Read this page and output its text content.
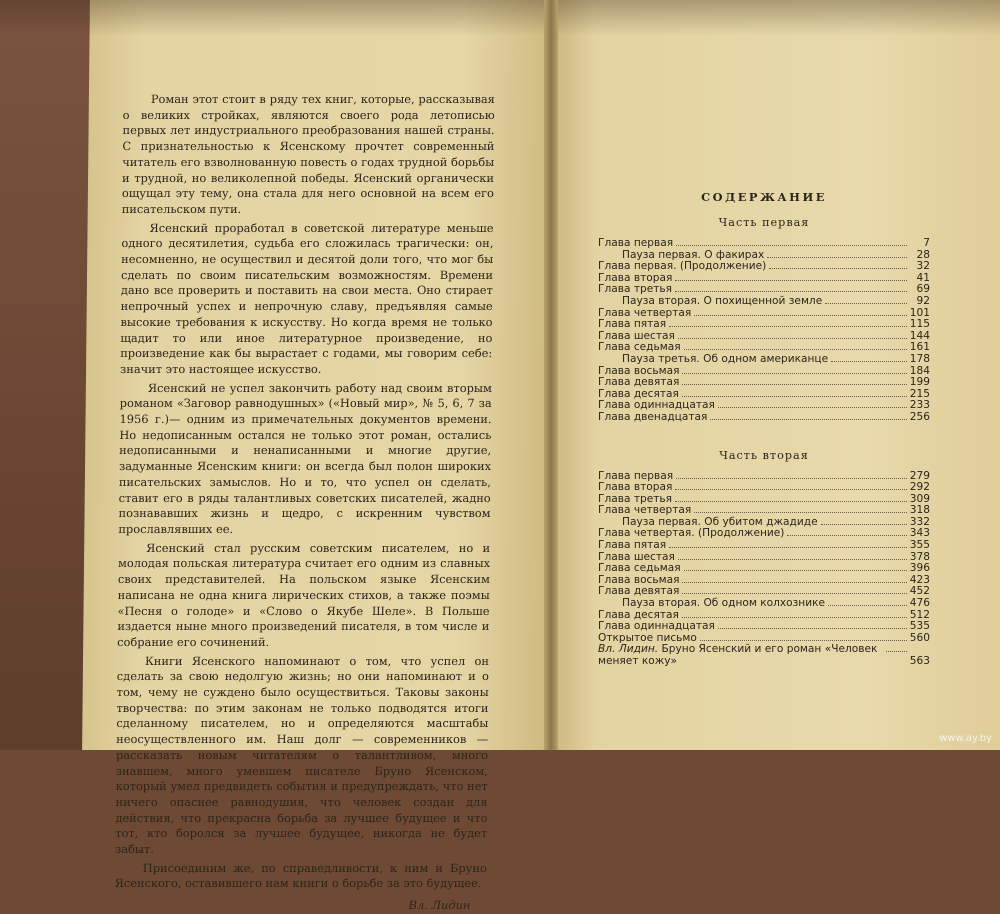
Роман этот стоит в ряду тех книг, которые, рассказывая о великих стройках, являются своего рода летописью первых лет индустриального преобразования нашей страны. С признательностью к Ясенскому прочтет современный читатель его взволнованную повесть о годах трудной борьбы и трудной, но великолепной победы. Ясенский органически ощущал эту тему, она стала для него основной на всем его писательском пути.

Ясенский проработал в советской литературе меньше одного десятилетия, судьба его сложилась трагически: он, несомненно, не осуществил и десятой доли того, что мог бы сделать по своим писательским возможностям. Времени дано все проверить и поставить на свои места. Оно стирает непрочный успех и непрочную славу, предъявляя самые высокие требования к искусству. Но когда время не только щадит то или иное литературное произведение, но произведение как бы вырастает с годами, мы говорим себе: значит это настоящее искусство.

Ясенский не успел закончить работу над своим вторым романом «Заговор равнодушных» («Новый мир», № 5, 6, 7 за 1956 г.)— одним из примечательных документов времени. Но недописанным остался не только этот роман, остались недописанными и ненаписанными и многие другие, задуманные Ясенским книги: он всегда был полон широких писательских замыслов. Но и то, что успел он сделать, ставит его в ряды талантливых советских писателей, жадно познававших жизнь и щедро, с искренним чувством прославлявших ее.

Ясенский стал русским советским писателем, но и молодая польская литература считает его одним из славных своих представителей. На польском языке Ясенским написана не одна книга лирических стихов, а также поэмы «Песня о голоде» и «Слово о Якубе Шеле». В Польше издается ныне много произведений писателя, в том числе и собрание его сочинений.

Книги Ясенского напоминают о том, что успел он сделать за свою недолгую жизнь; но они напоминают и о том, чему не суждено было осуществиться. Таковы законы творчества: по этим законам не только подводятся итоги сделанному писателем, но и определяются масштабы неосуществленного им. Наш долг — современников — рассказать новым читателям о талантливом, много знавшем, много умевшем писателе Бруно Ясенском, который умел предвидеть события и предупреждать, что нет ничего опаснее равнодушия, что человек создан для действия, что прекрасна борьба за лучшее будущее и что тот, кто боролся за лучшее будущее, никогда не будет забыт.

Присоединим же, по справедливости, к ним и Бруно Ясенского, оставившего нам книги о борьбе за это будущее.

Вл. Лидин
СОДЕРЖАНИЕ
Часть первая
Глава первая	7
Пауза первая. О факирах	28
Глава первая. (Продолжение)	32
Глава вторая	41
Глава третья	69
Пауза вторая. О похищенной земле	92
Глава четвертая	101
Глава пятая	115
Глава шестая	144
Глава седьмая	161
Пауза третья. Об одном американце	178
Глава восьмая	184
Глава девятая	199
Глава десятая	215
Глава одиннадцатая	233
Глава двенадцатая	256
Часть вторая
Глава первая	279
Глава вторая	292
Глава третья	309
Глава четвертая	318
Пауза первая. Об убитом джадиде	332
Глава четвертая. (Продолжение)	343
Глава пятая	355
Глава шестая	378
Глава седьмая	396
Глава восьмая	423
Глава девятая	452
Пауза вторая. Об одном колхознике	476
Глава десятая	512
Глава одиннадцатая	535
Открытое письмо	560
Вл. Лидин. Бруно Ясенский и его роман «Человек меняет кожу»	563
www.ay.by
